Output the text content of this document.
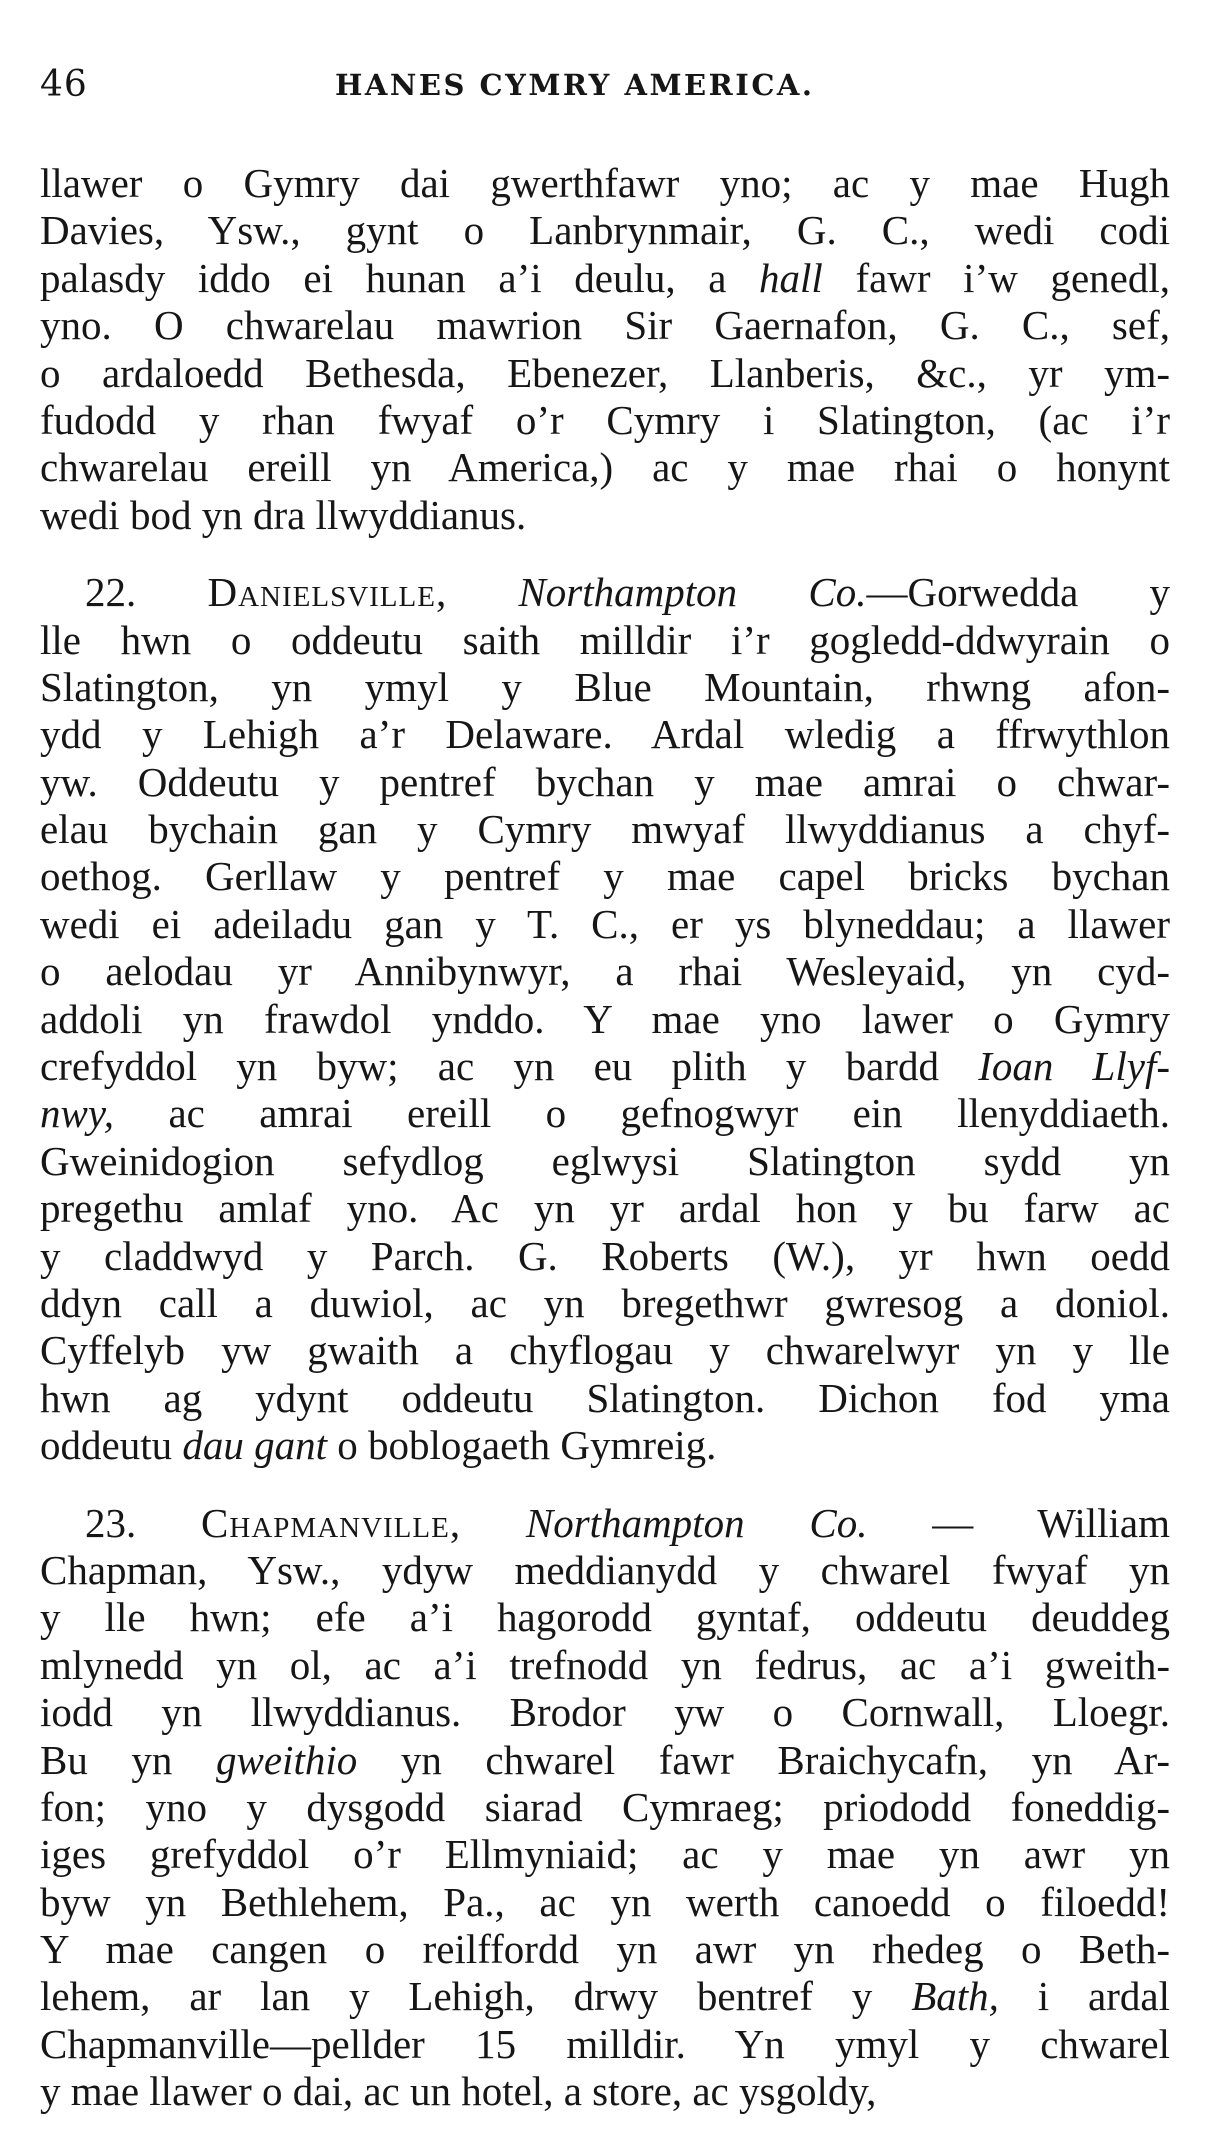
46	HANES CYMRY AMERICA.
llawer o Gymry dai gwerthfawr yno; ac y mae Hugh
Davies, Ysw., gynt o Lanbrynmair, G. C., wedi codi
palasdy iddo ei hunan a’i deulu, a hall fawr i’w genedl,
yno. O chwarelau mawrion Sir Gaernafon, G. C., sef,
o ardaloedd Bethesda, Ebenezer, Llanberis, &c., yr ym-
fudodd y rhan fwyaf o’r Cymry i Slatington, (ac i’r
chwarelau ereill yn America,) ac y mae rhai o honynt
wedi bod yn dra llwyddianus.
22. Danielsville, Northampton Co.—Gorwedda y
lle hwn o oddeutu saith milldir i’r gogledd-ddwyrain o
Slatington, yn ymyl y Blue Mountain, rhwng afon-
ydd y Lehigh a’r Delaware. Ardal wledig a ffrwythlon
yw. Oddeutu y pentref bychan y mae amrai o chwar-
elau bychain gan y Cymry mwyaf llwyddianus a chyf-
oethog. Gerllaw y pentref y mae capel bricks bychan
wedi ei adeiladu gan y T. C., er ys blyneddau; a llawer
o aelodau yr Annibynwyr, a rhai Wesleyaid, yn cyd-
addoli yn frawdol ynddo. Y mae yno lawer o Gymry
crefyddol yn byw; ac yn eu plith y bardd Ioan Llyf-
nwy, ac amrai ereill o gefnogwyr ein llenyddiaeth.
Gweinidogion sefydlog eglwysi Slatington sydd yn
pregethu amlaf yno. Ac yn yr ardal hon y bu farw ac
y claddwyd y Parch. G. Roberts (W.), yr hwn oedd
ddyn call a duwiol, ac yn bregethwr gwresog a doniol.
Cyffelyb yw gwaith a chyflogau y chwarelwyr yn y lle
hwn ag ydynt oddeutu Slatington. Dichon fod yma
oddeutu dau gant o boblogaeth Gymreig.
23. Chapmanville, Northampton Co. — William
Chapman, Ysw., ydyw meddianydd y chwarel fwyaf yn
y lle hwn; efe a’i hagorodd gyntaf, oddeutu deuddeg
mlynedd yn ol, ac a’i trefnodd yn fedrus, ac a’i gweith-
iodd yn llwyddianus. Brodor yw o Cornwall, Lloegr.
Bu yn gweithio yn chwarel fawr Braichycafn, yn Ar-
fon; yno y dysgodd siarad Cymraeg; priododd foneddig-
iges grefyddol o’r Ellmyniaid; ac y mae yn awr yn
byw yn Bethlehem, Pa., ac yn werth canoedd o filoedd!
Y mae cangen o reilffordd yn awr yn rhedeg o Beth-
lehem, ar lan y Lehigh, drwy bentref y Bath, i ardal
Chapmanville—pellder 15 milldir. Yn ymyl y chwarel
y mae llawer o dai, ac un hotel, a store, ac ysgoldy,
